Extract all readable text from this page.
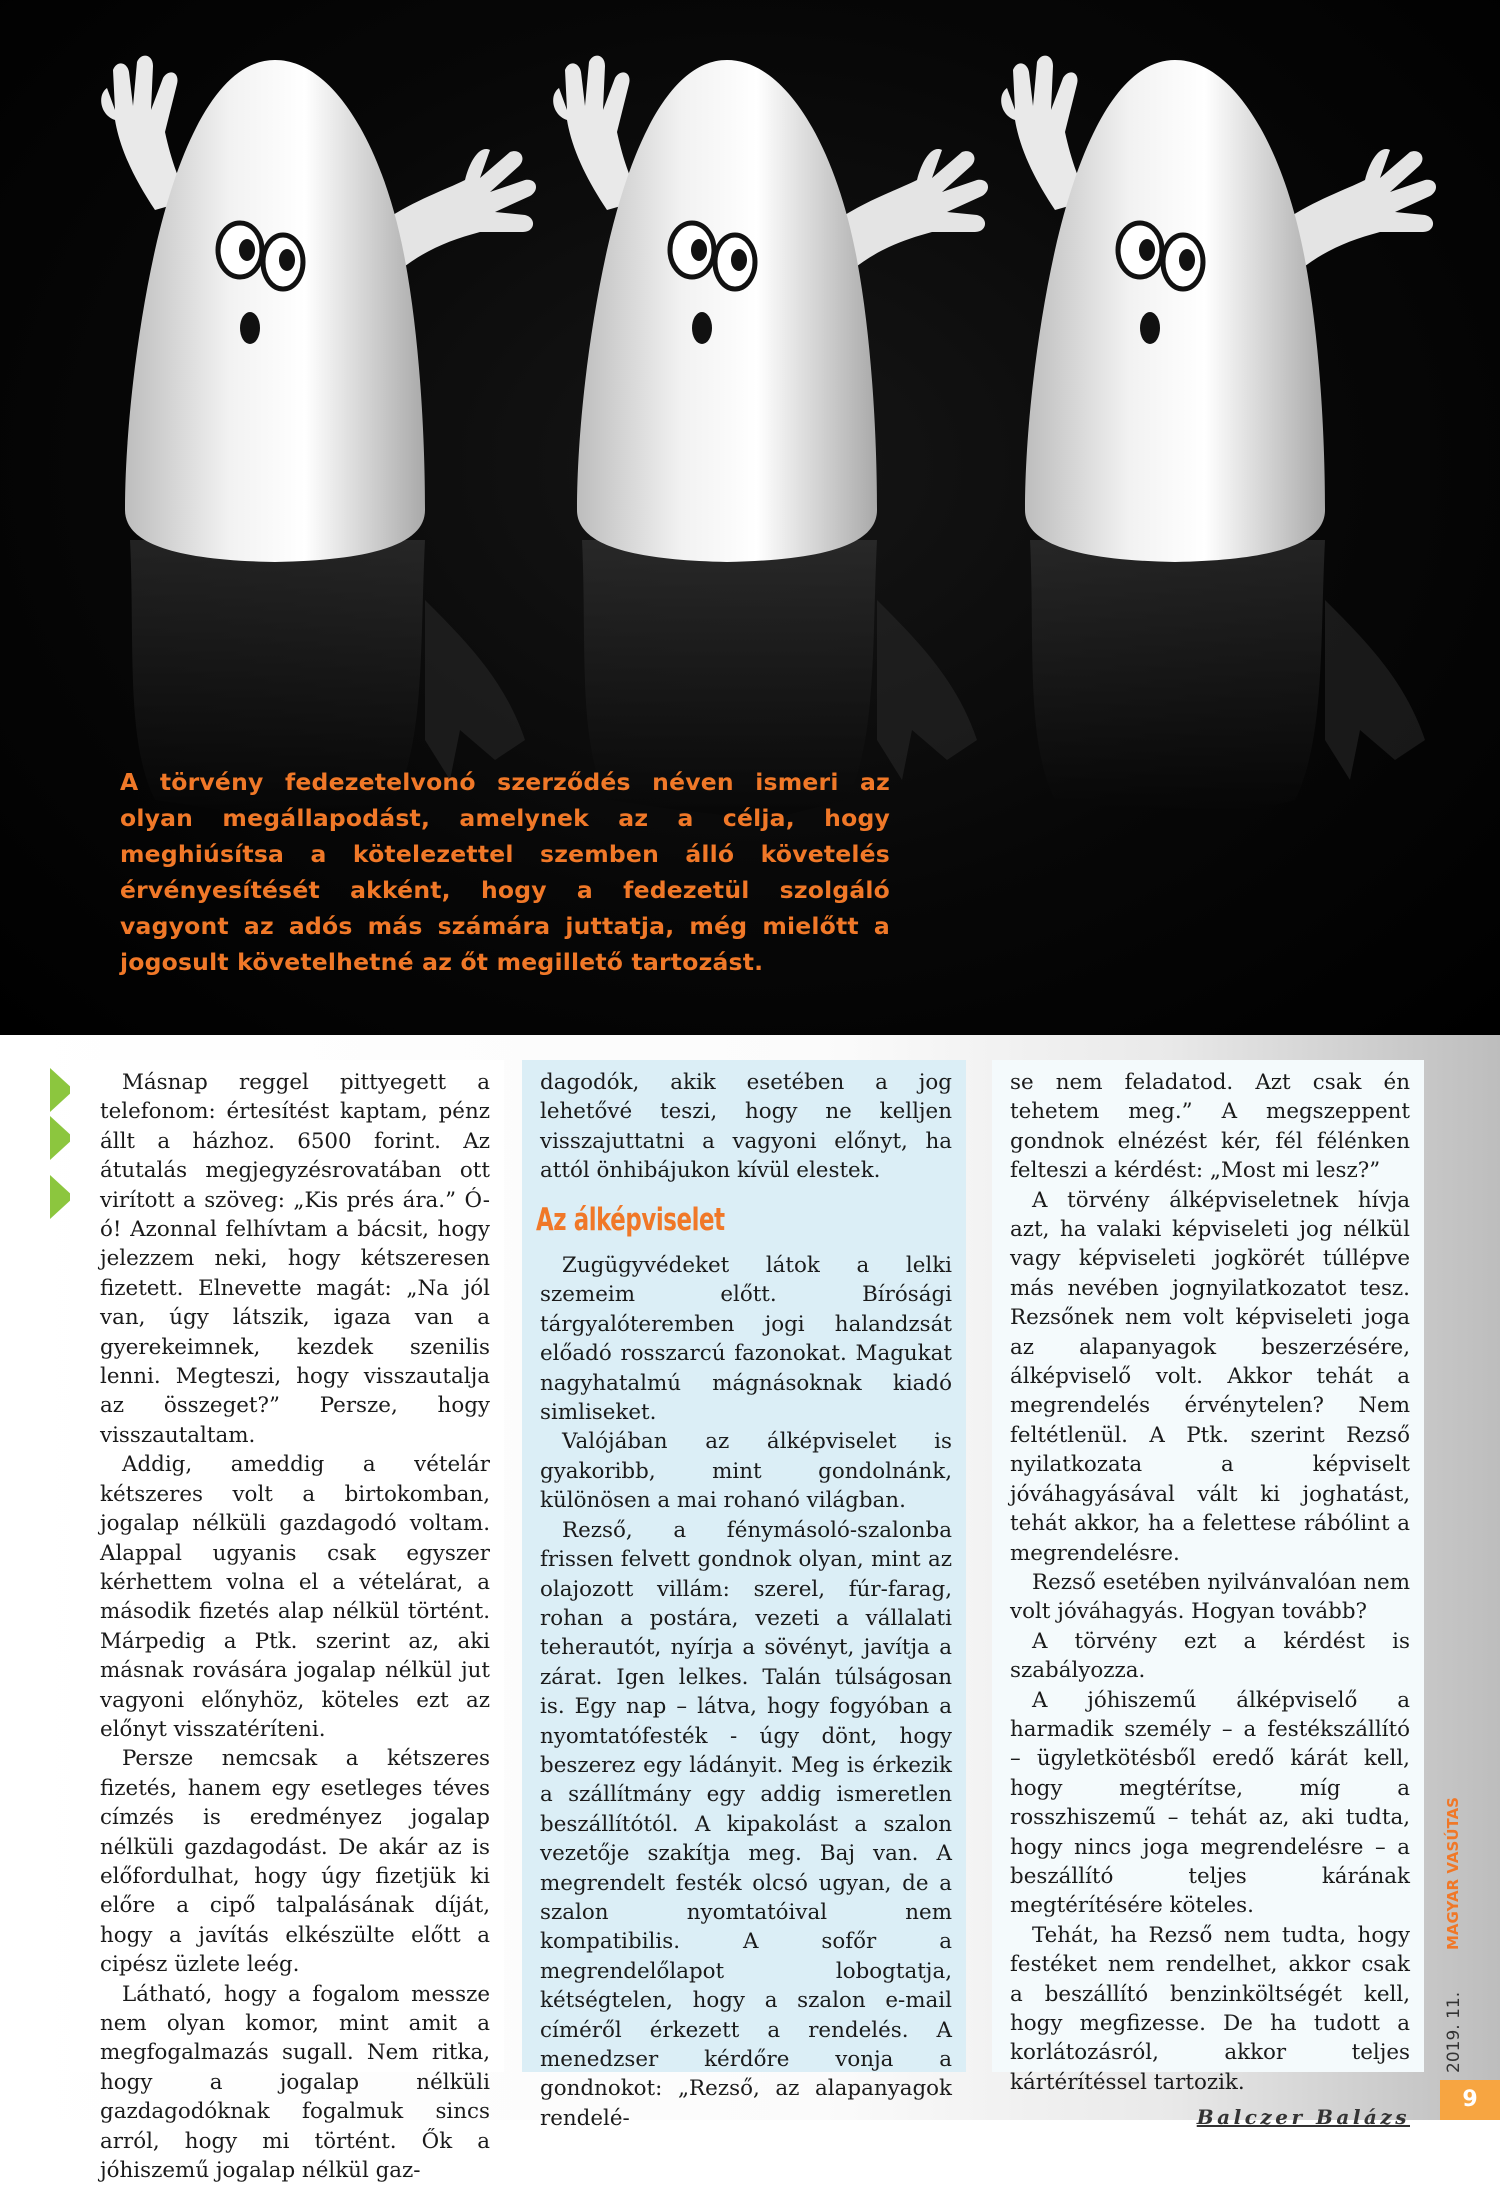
A törvény fedezetelvonó szerződés néven ismeri az olyan megállapodást, amelynek az a célja, hogy meghiúsítsa a kötelezettel szemben álló követelés érvényesítését akként, hogy a fedezetül szolgáló vagyont az adós más számára juttatja, még mielőtt a jogosult követelhetné az őt megillető tartozást.

Másnap reggel pittyegett a telefonom: értesítést kaptam, pénz állt a házhoz. 6500 forint. Az átutalás megjegyzésrovatában ott virított a szöveg: „Kis prés ára.” Ó-ó! Azonnal felhívtam a bácsit, hogy jelezzem neki, hogy kétszeresen fizetett. Elnevette magát: „Na jól van, úgy látszik, igaza van a gyerekeimnek, kezdek szenilis lenni. Megteszi, hogy visszautalja az összeget?” Persze, hogy visszautaltam.

Addig, ameddig a vételár kétszeres volt a birtokomban, jogalap nélküli gazdagodó voltam. Alappal ugyanis csak egyszer kérhettem volna el a vételárat, a második fizetés alap nélkül történt. Márpedig a Ptk. szerint az, aki másnak rovására jogalap nélkül jut vagyoni előnyhöz, köteles ezt az előnyt visszatéríteni.

Persze nemcsak a kétszeres fizetés, hanem egy esetleges téves címzés is eredményez jogalap nélküli gazdagodást. De akár az is előfordulhat, hogy úgy fizetjük ki előre a cipő talpalásának díját, hogy a javítás elkészülte előtt a cipész üzlete leég.

Látható, hogy a fogalom messze nem olyan komor, mint amit a megfogalmazás sugall. Nem ritka, hogy a jogalap nélküli gazdagodóknak fogalmuk sincs arról, hogy mi történt. Ők a jóhiszemű jogalap nélkül gaz-

dagodók, akik esetében a jog lehetővé teszi, hogy ne kelljen visszajuttatni a vagyoni előnyt, ha attól önhibájukon kívül elestek.

Az álképviselet

Zugügyvédeket látok a lelki szemeim előtt. Bírósági tárgyalóteremben jogi halandzsát előadó rosszarcú fazonokat. Magukat nagyhatalmú mágnásoknak kiadó simliseket.

Valójában az álképviselet is gyakoribb, mint gondolnánk, különösen a mai rohanó világban.

Rezső, a fénymásoló-szalonba frissen felvett gondnok olyan, mint az olajozott villám: szerel, fúr-farag, rohan a postára, vezeti a vállalati teherautót, nyírja a sövényt, javítja a zárat. Igen lelkes. Talán túlságosan is. Egy nap – látva, hogy fogyóban a nyomtatófesték - úgy dönt, hogy beszerez egy ládányit. Meg is érkezik a szállítmány egy addig ismeretlen beszállítótól. A kipakolást a szalon vezetője szakítja meg. Baj van. A megrendelt festék olcsó ugyan, de a szalon nyomtatóival nem kompatibilis. A sofőr a megrendelőlapot lobogtatja, kétségtelen, hogy a szalon e-mail címéről érkezett a rendelés. A menedzser kérdőre vonja a gondnokot: „Rezső, az alapanyagok rendelé-

se nem feladatod. Azt csak én tehetem meg.” A megszeppent gondnok elnézést kér, fél félénken felteszi a kérdést: „Most mi lesz?”

A törvény álképviseletnek hívja azt, ha valaki képviseleti jog nélkül vagy képviseleti jogkörét túllépve más nevében jognyilatkozatot tesz. Rezsőnek nem volt képviseleti joga az alapanyagok beszerzésére, álképviselő volt. Akkor tehát a megrendelés érvénytelen? Nem feltétlenül. A Ptk. szerint Rezső nyilatkozata a képviselt jóváhagyásával vált ki joghatást, tehát akkor, ha a felettese rábólint a megrendelésre.

Rezső esetében nyilvánvalóan nem volt jóváhagyás. Hogyan tovább?

A törvény ezt a kérdést is szabályozza.

A jóhiszemű álképviselő a harmadik személy – a festékszállító – ügyletkötésből eredő kárát kell, hogy megtérítse, míg a rosszhiszemű – tehát az, aki tudta, hogy nincs joga megrendelésre – a beszállító teljes kárának megtérítésére köteles.

Tehát, ha Rezső nem tudta, hogy festéket nem rendelhet, akkor csak a beszállító benzinköltségét kell, hogy megfizesse. De ha tudott a korlátozásról, akkor teljes kártérítéssel tartozik.

Balczer Balázs

MAGYAR VASÚTAS
2019. 11.
9
